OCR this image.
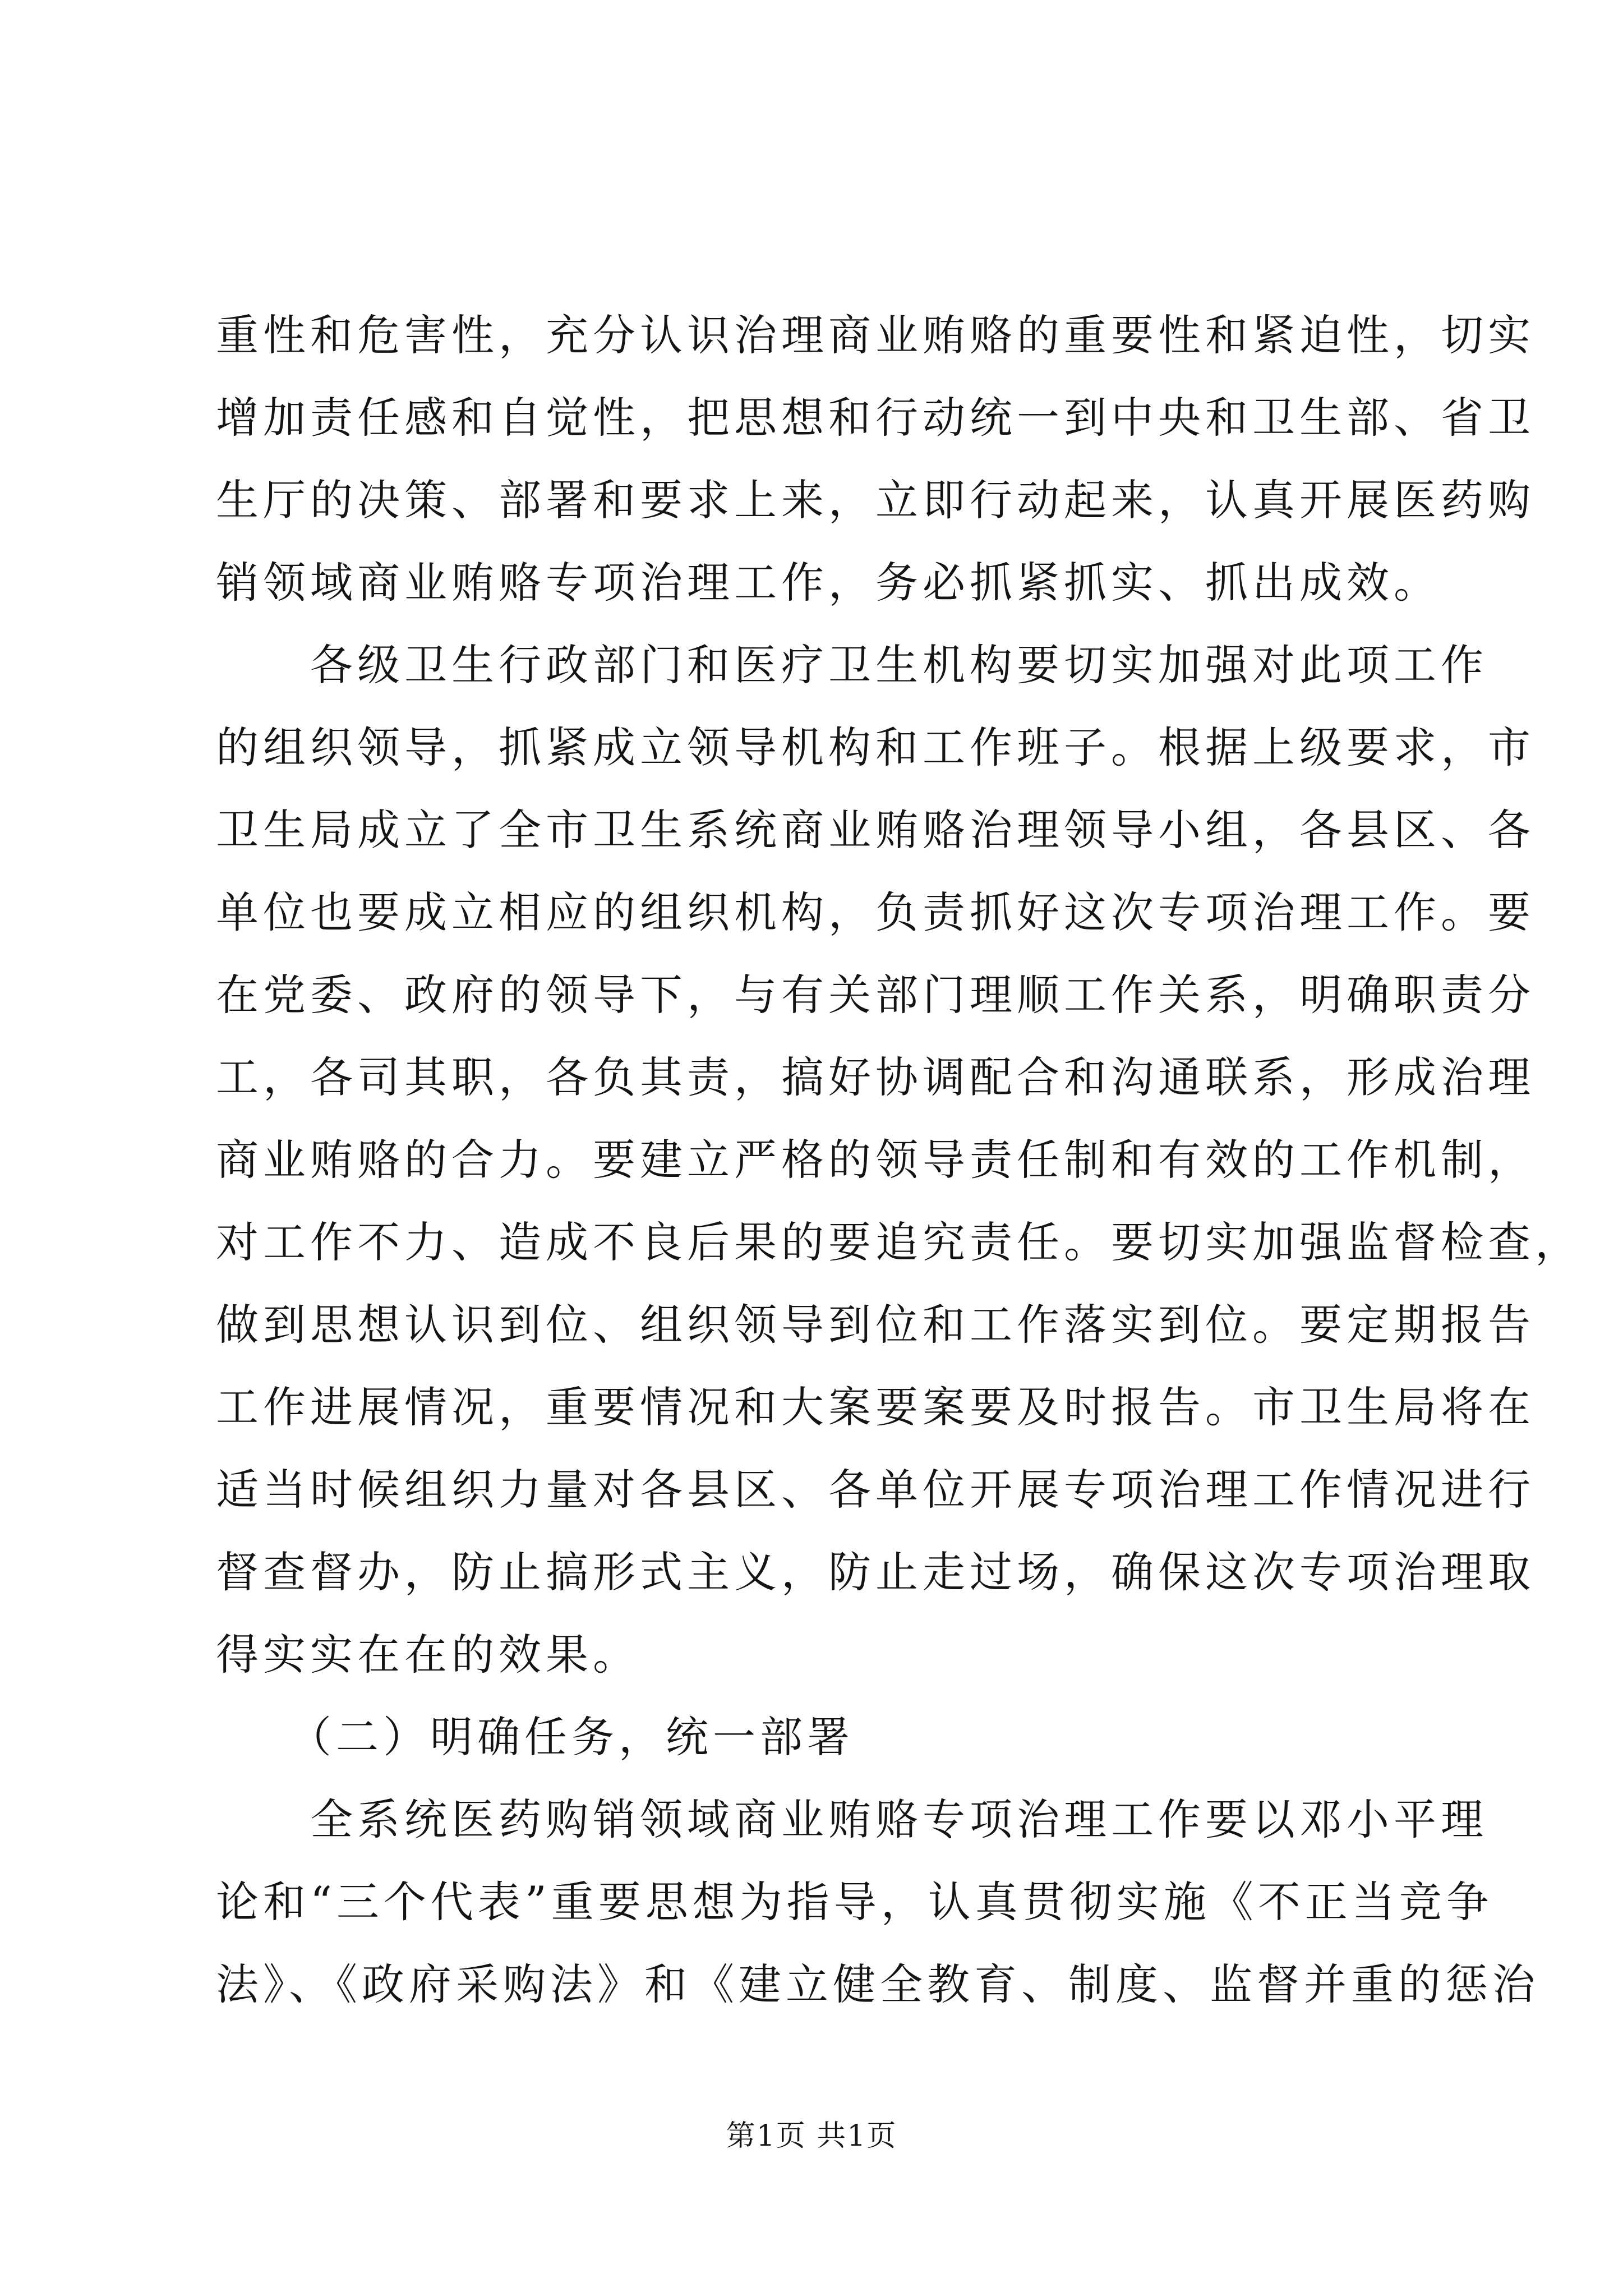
重性和危害性，充分认识治理商业贿赂的重要性和紧迫性，切实
增加责任感和自觉性，把思想和行动统一到中央和卫生部、省卫
生厅的决策、部署和要求上来，立即行动起来，认真开展医药购
销领域商业贿赂专项治理工作，务必抓紧抓实、抓出成效。
　　各级卫生行政部门和医疗卫生机构要切实加强对此项工作
的组织领导，抓紧成立领导机构和工作班子。根据上级要求，市
卫生局成立了全市卫生系统商业贿赂治理领导小组，各县区、各
单位也要成立相应的组织机构，负责抓好这次专项治理工作。要
在党委、政府的领导下，与有关部门理顺工作关系，明确职责分
工，各司其职，各负其责，搞好协调配合和沟通联系，形成治理
商业贿赂的合力。要建立严格的领导责任制和有效的工作机制，
对工作不力、造成不良后果的要追究责任。要切实加强监督检查，
做到思想认识到位、组织领导到位和工作落实到位。要定期报告
工作进展情况，重要情况和大案要案要及时报告。市卫生局将在
适当时候组织力量对各县区、各单位开展专项治理工作情况进行
督查督办，防止搞形式主义，防止走过场，确保这次专项治理取
得实实在在的效果。
　　（二）明确任务，统一部署
　　全系统医药购销领域商业贿赂专项治理工作要以邓小平理
论和“三个代表”重要思想为指导，认真贯彻实施《不正当竞争
法》、《政府采购法》和《建立健全教育、制度、监督并重的惩治
第1页 共1页
